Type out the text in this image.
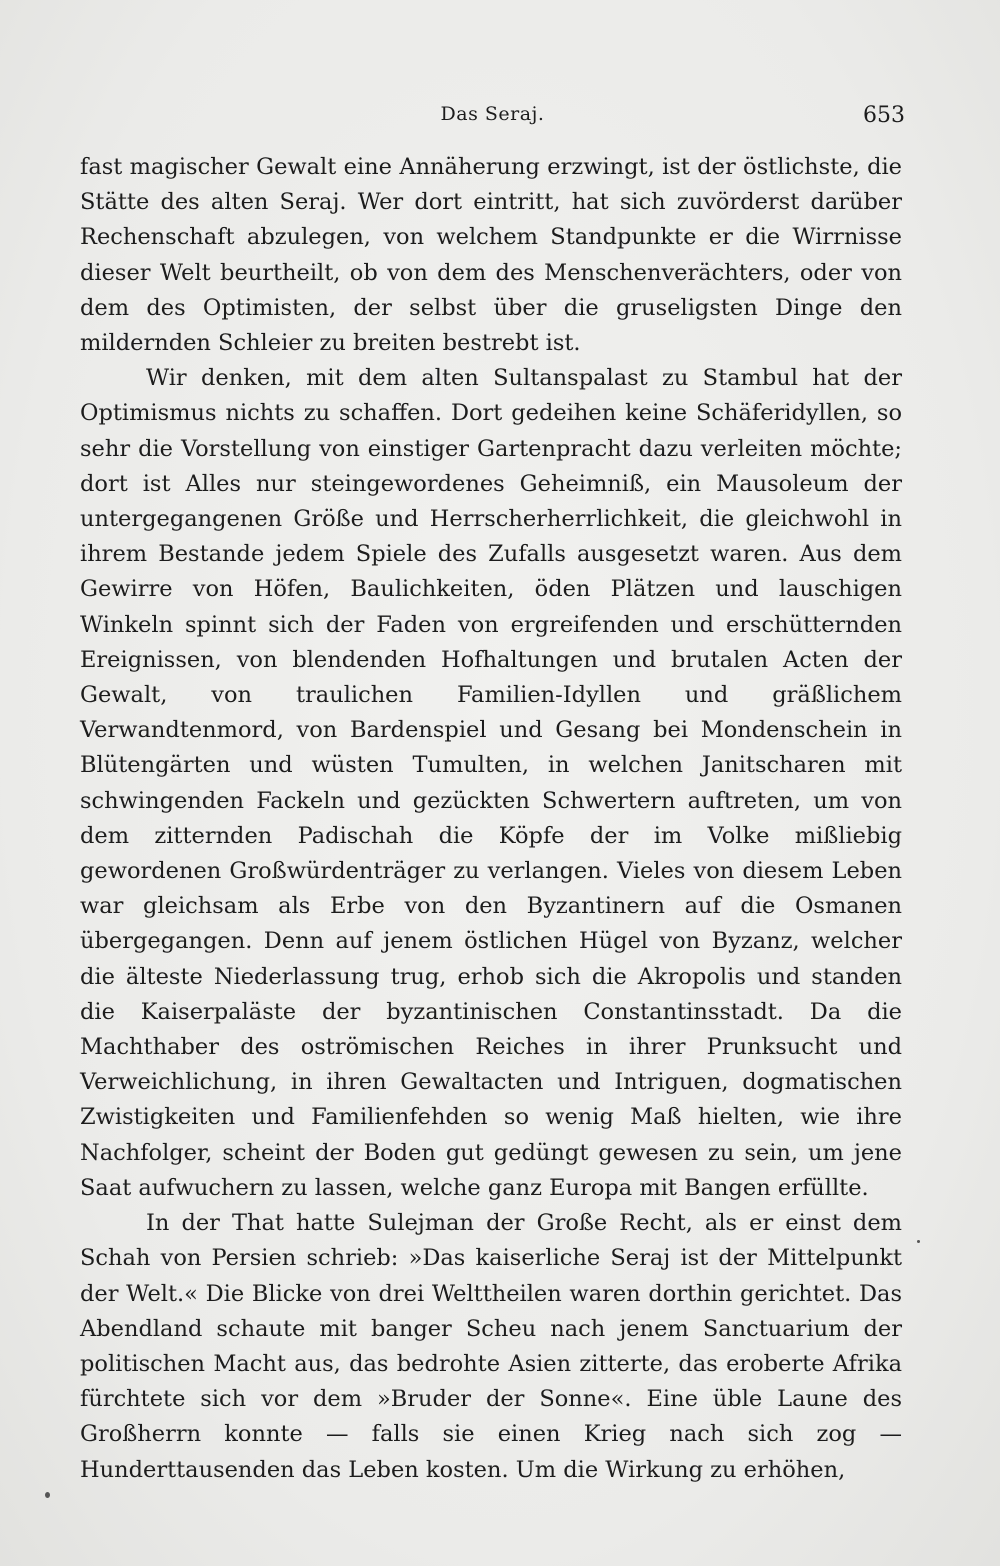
Das Seraj.	653

fast magischer Gewalt eine Annäherung erzwingt, ist der östlichste, die Stätte des alten Seraj. Wer dort eintritt, hat sich zuvörderst darüber Rechenschaft abzulegen, von welchem Standpunkte er die Wirrnisse dieser Welt beurtheilt, ob von dem des Menschenverächters, oder von dem des Optimisten, der selbst über die gruseligsten Dinge den mildernden Schleier zu breiten bestrebt ist.

Wir denken, mit dem alten Sultanspalast zu Stambul hat der Optimismus nichts zu schaffen. Dort gedeihen keine Schäferidyllen, so sehr die Vorstellung von einstiger Gartenpracht dazu verleiten möchte; dort ist Alles nur steingewordenes Geheimniß, ein Mausoleum der untergegangenen Größe und Herrscherherrlichkeit, die gleichwohl in ihrem Bestande jedem Spiele des Zufalls ausgesetzt waren. Aus dem Gewirre von Höfen, Baulichkeiten, öden Plätzen und lauschigen Winkeln spinnt sich der Faden von ergreifenden und erschütternden Ereignissen, von blendenden Hofhaltungen und brutalen Acten der Gewalt, von traulichen Familien-Idyllen und gräßlichem Verwandtenmord, von Bardenspiel und Gesang bei Mondenschein in Blütengärten und wüsten Tumulten, in welchen Janitscharen mit schwingenden Fackeln und gezückten Schwertern auftreten, um von dem zitternden Padischah die Köpfe der im Volke mißliebig gewordenen Großwürdenträger zu verlangen. Vieles von diesem Leben war gleichsam als Erbe von den Byzantinern auf die Osmanen übergegangen. Denn auf jenem östlichen Hügel von Byzanz, welcher die älteste Niederlassung trug, erhob sich die Akropolis und standen die Kaiserpaläste der byzantinischen Constantinsstadt. Da die Machthaber des oströmischen Reiches in ihrer Prunksucht und Verweichlichung, in ihren Gewaltacten und Intriguen, dogmatischen Zwistigkeiten und Familienfehden so wenig Maß hielten, wie ihre Nachfolger, scheint der Boden gut gedüngt gewesen zu sein, um jene Saat aufwuchern zu lassen, welche ganz Europa mit Bangen erfüllte.

In der That hatte Sulejman der Große Recht, als er einst dem Schah von Persien schrieb: »Das kaiserliche Seraj ist der Mittelpunkt der Welt.« Die Blicke von drei Welttheilen waren dorthin gerichtet. Das Abendland schaute mit banger Scheu nach jenem Sanctuarium der politischen Macht aus, das bedrohte Asien zitterte, das eroberte Afrika fürchtete sich vor dem »Bruder der Sonne«. Eine üble Laune des Großherrn konnte — falls sie einen Krieg nach sich zog — Hunderttausenden das Leben kosten. Um die Wirkung zu erhöhen,
